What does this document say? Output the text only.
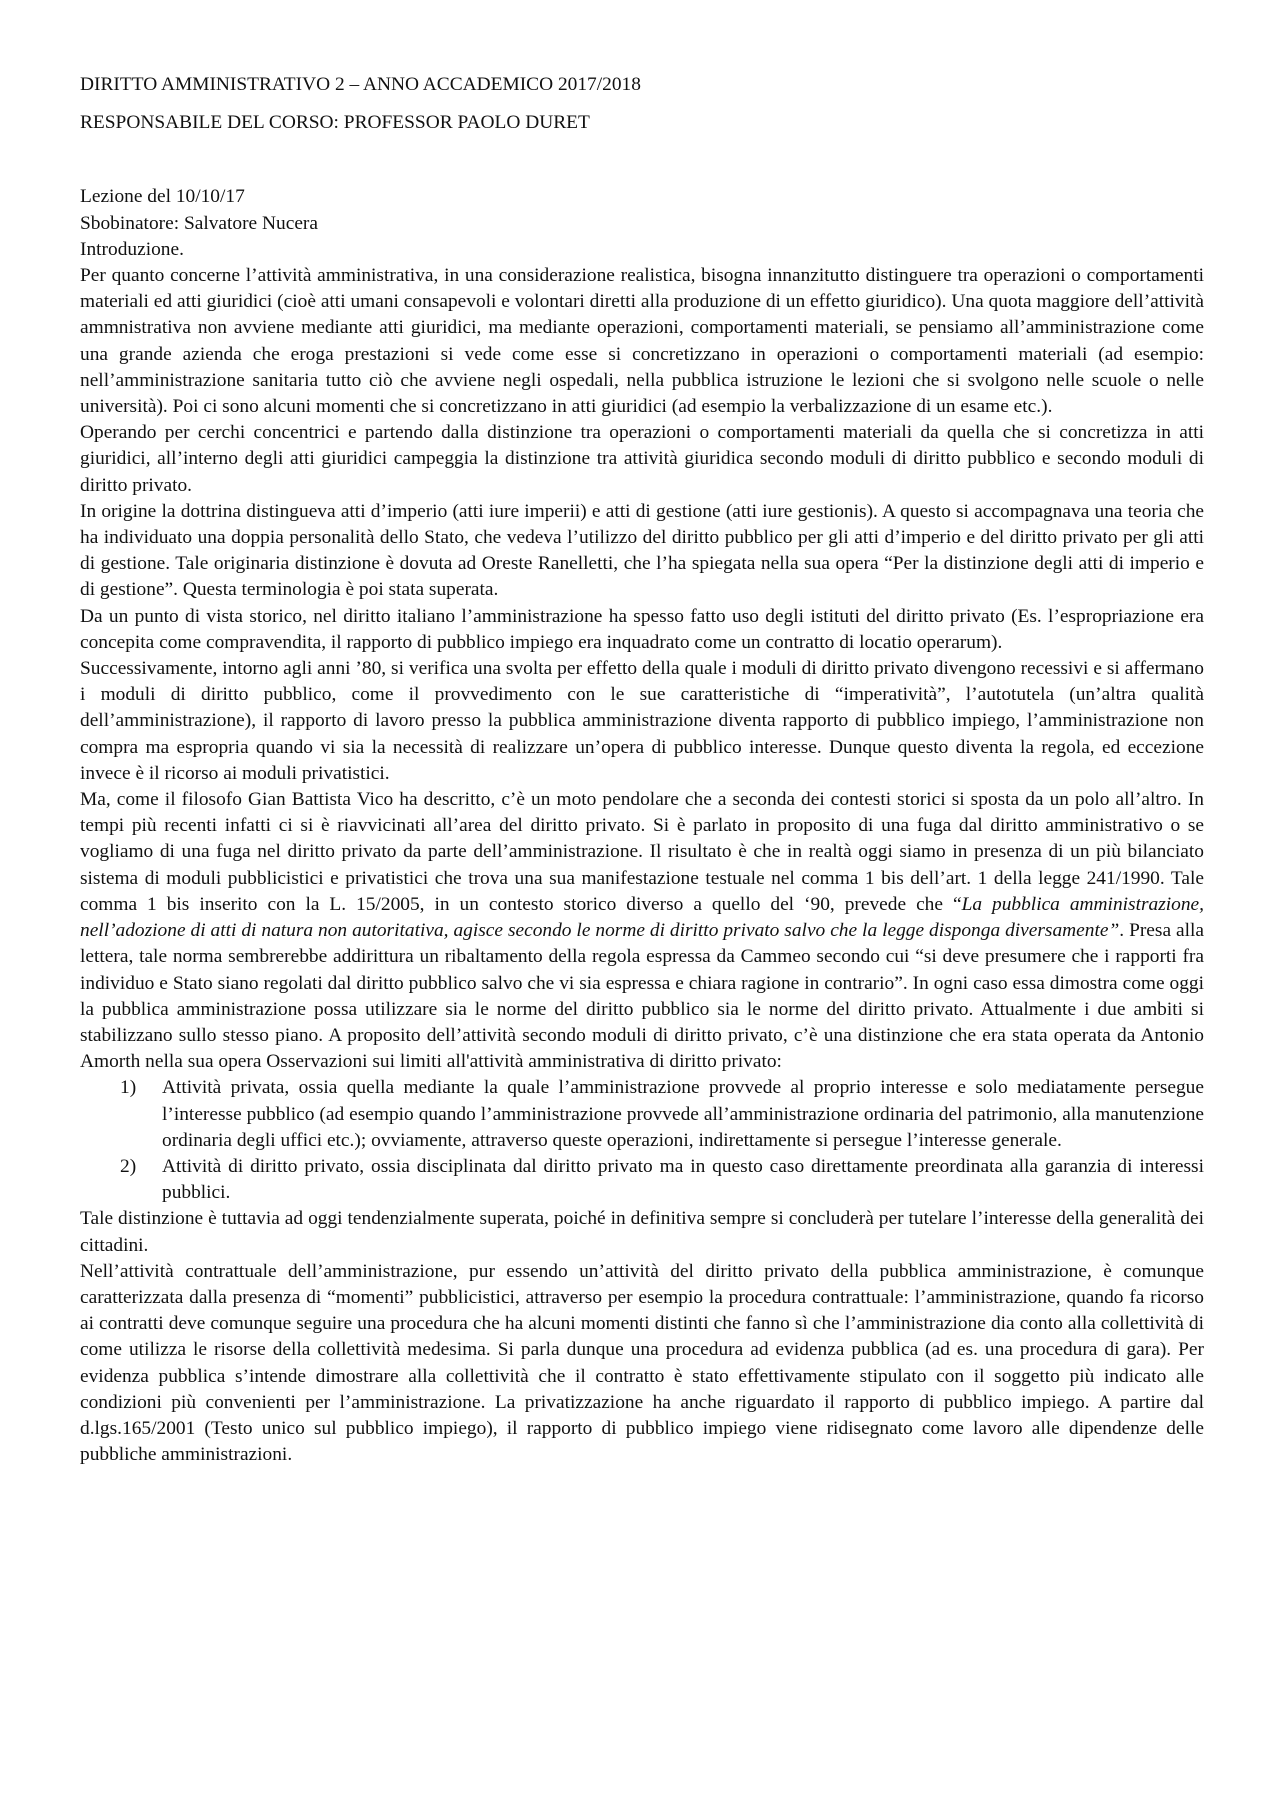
DIRITTO AMMINISTRATIVO 2 – ANNO ACCADEMICO 2017/2018

RESPONSABILE DEL CORSO: PROFESSOR PAOLO DURET

Lezione del 10/10/17

Sbobinatore: Salvatore Nucera

Introduzione.

Per quanto concerne l’attività amministrativa, in una considerazione realistica, bisogna innanzitutto distinguere tra operazioni o comportamenti materiali ed atti giuridici (cioè atti umani consapevoli e volontari diretti alla produzione di un effetto giuridico). Una quota maggiore dell’attività ammnistrativa non avviene mediante atti giuridici, ma mediante operazioni, comportamenti materiali, se pensiamo all’amministrazione come una grande azienda che eroga prestazioni si vede come esse si concretizzano in operazioni o comportamenti materiali (ad esempio: nell’amministrazione sanitaria tutto ciò che avviene negli ospedali, nella pubblica istruzione le lezioni che si svolgono nelle scuole o nelle università). Poi ci sono alcuni momenti che si concretizzano in atti giuridici (ad esempio la verbalizzazione di un esame etc.).

Operando per cerchi concentrici e partendo dalla distinzione tra operazioni o comportamenti materiali da quella che si concretizza in atti giuridici, all’interno degli atti giuridici campeggia la distinzione tra attività giuridica secondo moduli di diritto pubblico e secondo moduli di diritto privato.

In origine la dottrina distingueva atti d’imperio (atti iure imperii) e atti di gestione (atti iure gestionis). A questo si accompagnava una teoria che ha individuato una doppia personalità dello Stato, che vedeva l’utilizzo del diritto pubblico per gli atti d’imperio e del diritto privato per gli atti di gestione. Tale originaria distinzione è dovuta ad Oreste Ranelletti, che l’ha spiegata nella sua opera “Per la distinzione degli atti di imperio e di gestione”. Questa terminologia è poi stata superata.

Da un punto di vista storico, nel diritto italiano l’amministrazione ha spesso fatto uso degli istituti del diritto privato (Es. l’espropriazione era concepita come compravendita, il rapporto di pubblico impiego era inquadrato come un contratto di locatio operarum).

Successivamente, intorno agli anni ’80, si verifica una svolta per effetto della quale i moduli di diritto privato divengono recessivi e si affermano i moduli di diritto pubblico, come il provvedimento con le sue caratteristiche di “imperatività”, l’autotutela (un’altra qualità dell’amministrazione), il rapporto di lavoro presso la pubblica amministrazione diventa rapporto di pubblico impiego, l’amministrazione non compra ma espropria quando vi sia la necessità di realizzare un’opera di pubblico interesse. Dunque questo diventa la regola, ed eccezione invece è il ricorso ai moduli privatistici.

Ma, come il filosofo Gian Battista Vico ha descritto, c’è un moto pendolare che a seconda dei contesti storici si sposta da un polo all’altro. In tempi più recenti infatti ci si è riavvicinati all’area del diritto privato. Si è parlato in proposito di una fuga dal diritto amministrativo o se vogliamo di una fuga nel diritto privato da parte dell’amministrazione. Il risultato è che in realtà oggi siamo in presenza di un più bilanciato sistema di moduli pubblicistici e privatistici che trova una sua manifestazione testuale nel comma 1 bis dell’art. 1 della legge 241/1990. Tale comma 1 bis inserito con la L. 15/2005, in un contesto storico diverso a quello del ‘90, prevede che “La pubblica amministrazione, nell’adozione di atti di natura non autoritativa, agisce secondo le norme di diritto privato salvo che la legge disponga diversamente”. Presa alla lettera, tale norma sembrerebbe addirittura un ribaltamento della regola espressa da Cammeo secondo cui “si deve presumere che i rapporti fra individuo e Stato siano regolati dal diritto pubblico salvo che vi sia espressa e chiara ragione in contrario”. In ogni caso essa dimostra come oggi la pubblica amministrazione possa utilizzare sia le norme del diritto pubblico sia le norme del diritto privato. Attualmente i due ambiti si stabilizzano sullo stesso piano. A proposito dell’attività secondo moduli di diritto privato, c’è una distinzione che era stata operata da Antonio Amorth nella sua opera Osservazioni sui limiti all'attività amministrativa di diritto privato:

1)	Attività privata, ossia quella mediante la quale l’amministrazione provvede al proprio interesse e solo mediatamente persegue l’interesse pubblico (ad esempio quando l’amministrazione provvede all’amministrazione ordinaria del patrimonio, alla manutenzione ordinaria degli uffici etc.); ovviamente, attraverso queste operazioni, indirettamente si persegue l’interesse generale.
2)	Attività di diritto privato, ossia disciplinata dal diritto privato ma in questo caso direttamente preordinata alla garanzia di interessi pubblici.

Tale distinzione è tuttavia ad oggi tendenzialmente superata, poiché in definitiva sempre si concluderà per tutelare l’interesse della generalità dei cittadini.

Nell’attività contrattuale dell’amministrazione, pur essendo un’attività del diritto privato della pubblica amministrazione, è comunque caratterizzata dalla presenza di “momenti” pubblicistici, attraverso per esempio la procedura contrattuale: l’amministrazione, quando fa ricorso ai contratti deve comunque seguire una procedura che ha alcuni momenti distinti che fanno sì che l’amministrazione dia conto alla collettività di come utilizza le risorse della collettività medesima. Si parla dunque una procedura ad evidenza pubblica (ad es. una procedura di gara). Per evidenza pubblica s’intende dimostrare alla collettività che il contratto è stato effettivamente stipulato con il soggetto più indicato alle condizioni più convenienti per l’amministrazione. La privatizzazione ha anche riguardato il rapporto di pubblico impiego. A partire dal d.lgs.165/2001 (Testo unico sul pubblico impiego), il rapporto di pubblico impiego viene ridisegnato come lavoro alle dipendenze delle pubbliche amministrazioni.
